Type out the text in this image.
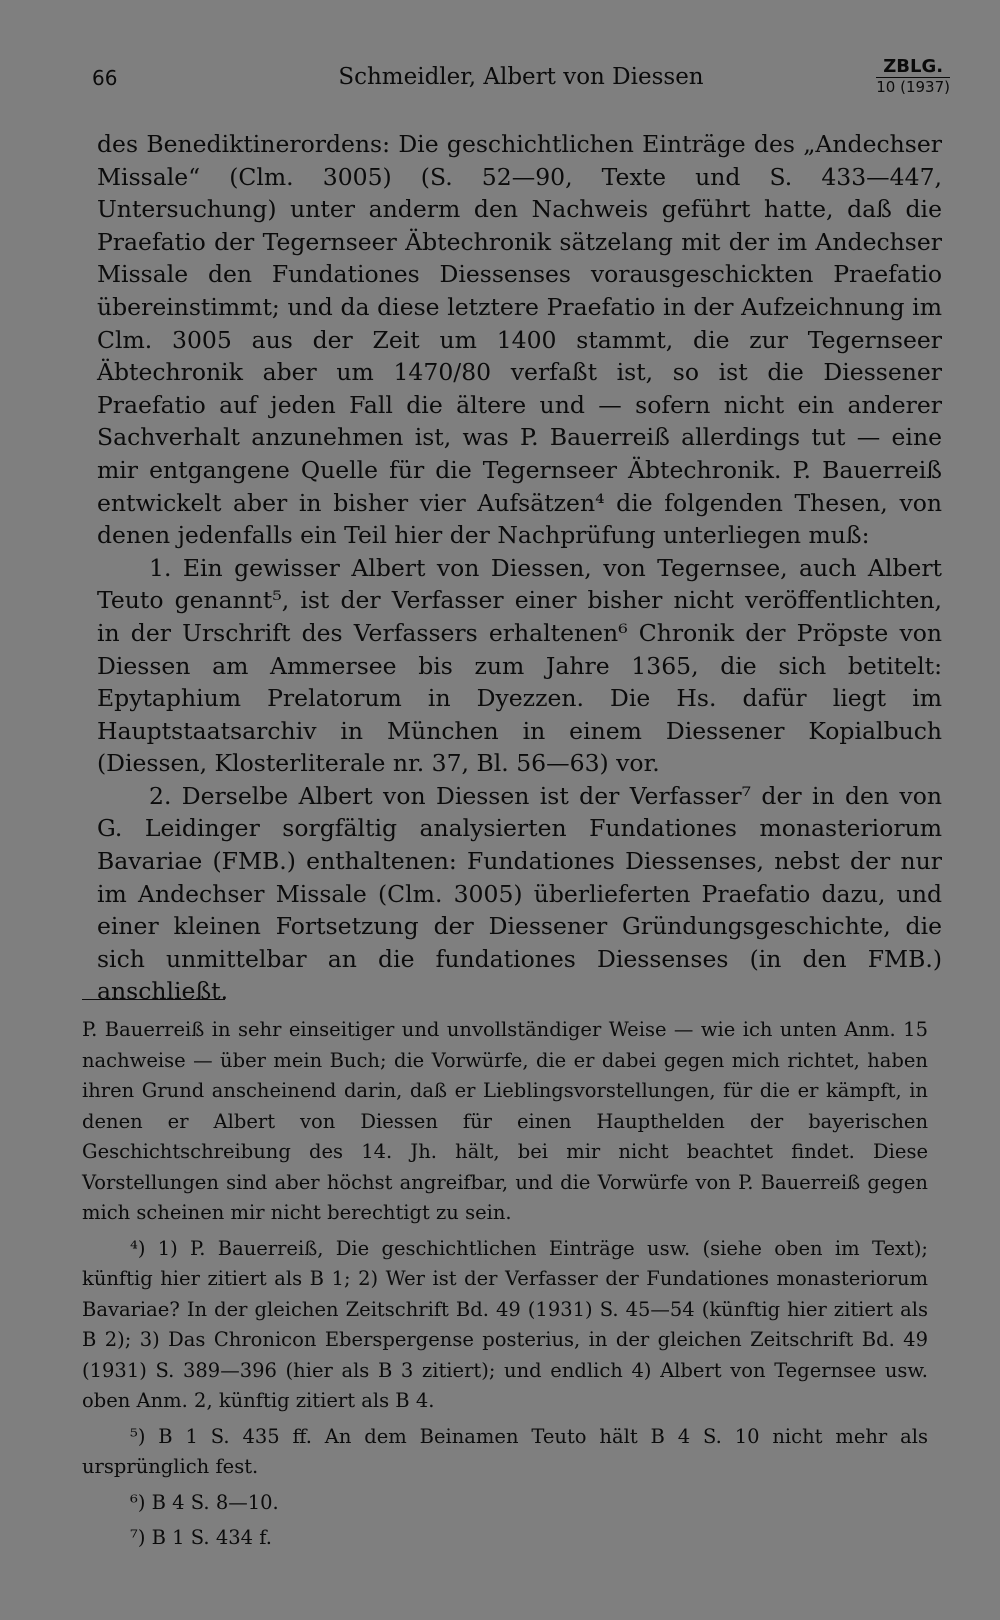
66	Schmeidler, Albert von Diessen	ZBLG.
10 (1937)

des Benediktinerordens: Die geschichtlichen Einträge des „Andechser Missale“ (Clm. 3005) (S. 52—90, Texte und S. 433—447, Untersuchung) unter anderm den Nachweis geführt hatte, daß die Praefatio der Tegernseer Äbtechronik sätzelang mit der im Andechser Missale den Fundationes Diessenses vorausgeschickten Praefatio übereinstimmt; und da diese letztere Praefatio in der Aufzeichnung im Clm. 3005 aus der Zeit um 1400 stammt, die zur Tegernseer Äbtechronik aber um 1470/80 verfaßt ist, so ist die Diessener Praefatio auf jeden Fall die ältere und — sofern nicht ein anderer Sachverhalt anzunehmen ist, was P. Bauerreiß allerdings tut — eine mir entgangene Quelle für die Tegernseer Äbtechronik. P. Bauerreiß entwickelt aber in bisher vier Aufsätzen⁴ die folgenden Thesen, von denen jedenfalls ein Teil hier der Nachprüfung unterliegen muß:

1. Ein gewisser Albert von Diessen, von Tegernsee, auch Albert Teuto genannt⁵, ist der Verfasser einer bisher nicht veröffentlichten, in der Urschrift des Verfassers erhaltenen⁶ Chronik der Pröpste von Diessen am Ammersee bis zum Jahre 1365, die sich betitelt: Epytaphium Prelatorum in Dyezzen. Die Hs. dafür liegt im Hauptstaatsarchiv in München in einem Diessener Kopialbuch (Diessen, Klosterliterale nr. 37, Bl. 56—63) vor.

2. Derselbe Albert von Diessen ist der Verfasser⁷ der in den von G. Leidinger sorgfältig analysierten Fundationes monasteriorum Bavariae (FMB.) enthaltenen: Fundationes Diessenses, nebst der nur im Andechser Missale (Clm. 3005) überlieferten Praefatio dazu, und einer kleinen Fortsetzung der Diessener Gründungsgeschichte, die sich unmittelbar an die fundationes Diessenses (in den FMB.) anschließt.

P. Bauerreiß in sehr einseitiger und unvollständiger Weise — wie ich unten Anm. 15 nachweise — über mein Buch; die Vorwürfe, die er dabei gegen mich richtet, haben ihren Grund anscheinend darin, daß er Lieblingsvorstellungen, für die er kämpft, in denen er Albert von Diessen für einen Haupthelden der bayerischen Geschichtschreibung des 14. Jh. hält, bei mir nicht beachtet findet. Diese Vorstellungen sind aber höchst angreifbar, und die Vorwürfe von P. Bauerreiß gegen mich scheinen mir nicht berechtigt zu sein.

⁴) 1) P. Bauerreiß, Die geschichtlichen Einträge usw. (siehe oben im Text); künftig hier zitiert als B 1; 2) Wer ist der Verfasser der Fundationes monasteriorum Bavariae? In der gleichen Zeitschrift Bd. 49 (1931) S. 45—54 (künftig hier zitiert als B 2); 3) Das Chronicon Eberspergense posterius, in der gleichen Zeitschrift Bd. 49 (1931) S. 389—396 (hier als B 3 zitiert); und endlich 4) Albert von Tegernsee usw. oben Anm. 2, künftig zitiert als B 4.

⁵) B 1 S. 435 ff. An dem Beinamen Teuto hält B 4 S. 10 nicht mehr als ursprünglich fest.

⁶) B 4 S. 8—10.

⁷) B 1 S. 434 f.
